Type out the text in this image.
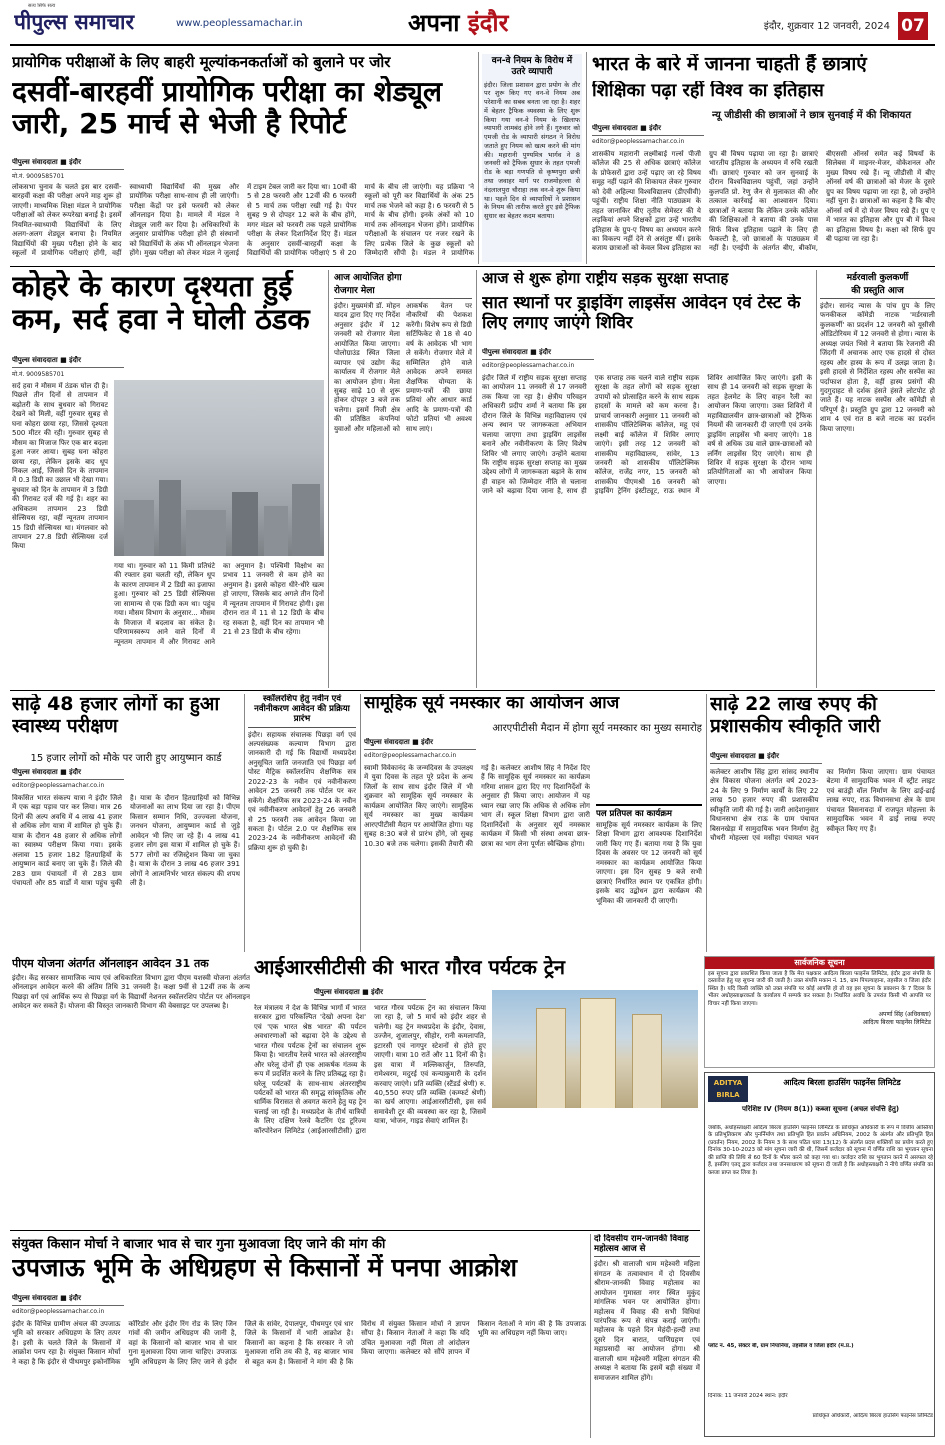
सत्य सिर्फ सत्य
पीपुल्स समाचार	www.peoplessamachar.in	अपना इंदौर	इंदौर, शुक्रवार 12 जनवरी, 2024 07
प्रायोगिक परीक्षाओं के लिए बाहरी मूल्यांकनकर्ताओं को बुलाने पर जोर
दसवीं-बारहवीं प्रायोगिक परीक्षा का शेड्यूल जारी, 25 मार्च से भेजी है रिपोर्ट
पीपुल्स संवाददाता ■ इंदौर
मो.नं. 9009585701
लोकसभा चुनाव के चलते इस बार दसवीं-बारहवीं कक्षा की परीक्षा अपने माह शुरू हो जाएगी। माध्यमिक शिक्षा मंडल ने प्रायोगिक परीक्षाओं को लेकर रूपरेखा बनाई है। इसमें नियमित-स्वाध्यायी विद्यार्थियों के लिए अलग-अलग शेड्यूल बनाया है। नियमित विद्यार्थियों की मुख्य परीक्षा होने के बाद स्कूलों में प्रायोगिक परीक्षाएं होंगी, वहीं स्वाध्यायी विद्यार्थियों की मुख्य और प्रायोगिक परीक्षा साथ-साथ ही ली जाएंगी। परीक्षा केंद्रों पर इसे फरवरी को लेकर ऑनलाइन दिया है। मामले में मंडल ने शेड्यूल जारी कर दिया है। अधिकारियों के अनुसार प्रायोगिक परीक्षा होने ही संस्थानों को विद्यार्थियों के अंक भी ऑनलाइन भेजना होंगे। मुख्य परीक्षा को लेकर मंडल ने जुलाई में टाइम टेबल जारी कर दिया था। 10वीं की 5 से 28 फरवरी और 12वीं की 6 फरवरी से 5 मार्च तक परीक्षा रखी गई है। पेपर सुबह 9 से दोपहर 12 बजे के बीच होंगे, मगर मंडल को फरवरी तक पहले प्रायोगिक परीक्षा के लेकर दिशानिर्देश दिए हैं। मंडल के अनुसार दसवीं-बारहवीं कक्षा के विद्यार्थियों की प्रायोगिक परीक्षाएं 5 से 20 मार्च के बीच ली जाएंगी। यह प्रक्रिया 'ने स्कूलों को पूरी कर विद्यार्थियों के अंक 25 मार्च तक भेजने को कहा है। 6 फरवरी से 5 मार्च के बीच होंगी। इनके अंकों को 10 मार्च तक ऑनलाइन भेजना होंगे। प्रायोगिक परीक्षाओं के संचालन पर नजर रखने के लिए प्रत्येक जिले के कुछ स्कूलों को जिम्मेदारी सौंपी है। मंडल ने प्रायोगिक
वन-वे नियम के विरोध में उतरे व्यापारी
इंदौर। जिला प्रशासन द्वारा प्रयोग के तौर पर शुरू किए गए वन-वे नियम अब परेशानी का सबब बनता जा रहा है। शहर में बेहतर ट्रैफिक व्यवस्था के लिए शुरू किया गया वन-वे नियम के खिलाफ व्यापारी लामबंद होने लगे हैं। गुरुवार को एमजी रोड के व्यापारी संगठन ने विरोध जताते हुए नियम को खत्म करने की मांग की। महारानी पुण्यमित्र भार्गव ने 8 जनवरी को ट्रैफिक सुधार के तहत एमजी रोड के बड़ा गणपति से कृष्णपुरा छत्री तथा जवाहर मार्ग पर राजमोहल्ला से नंदलालपुरा चौराहा तक वन-वे शुरू किया था। पहले दिन से व्यापारियों ने प्रशासन के नियम की तारीफ करते हुए इसे ट्रैफिक सुधार का बेहतर कदम बताया।
भारत के बारे में जानना चाहती हैं छात्राएं
शिक्षिका पढ़ा रहीं विश्व का इतिहास
न्यू जीडीसी की छात्राओं ने छात्र सुनवाई में की शिकायत
पीपुल्स संवाददाता ■ इंदौर
editor@peoplessamachar.co.in
शासकीय महारानी लक्ष्मीबाई गर्ल्स पीजी कॉलेज की 25 से अधिक छात्राएं कॉलेज के प्रोफेसरों द्वारा उन्हें पढ़ाए जा रहे विषय समूह नहीं पढ़ाने की शिकायत लेकर गुरुवार को देवी अहिल्या विश्वविद्यालय (डीएवीवी) पहुंचीं। राष्ट्रीय शिक्षा नीति पाठ्यक्रम के तहत जानाकिर बीए तृतीय सेमेस्टर की ये लड़कियां अपने शिक्षकों द्वारा उन्हें भारतीय इतिहास के ग्रुप-ए विषय का अध्ययन करने का विकल्प नहीं देने से असंतुष्ट थीं। इसके बजाय छात्राओं को केवल विश्व इतिहास का ग्रुप बी विषय पढ़ाया जा रहा है। छात्राएं भारतीय इतिहास के अध्ययन में रुचि रखती थीं। छात्राएं गुरुवार को जन सुनवाई के दौरान विश्वविद्यालय पहुंचीं, जहां उन्होंने कुलपति प्रो. रेणु जैन से मुलाकात की और तत्काल कार्रवाई का आश्वासन दिया। छात्राओं ने बताया कि लेकिन उनके कॉलेज की शिक्षिकाओं ने बताया की उनके पास सिर्फ विश्व इतिहास पढ़ाने के लिए ही फैकल्टी है, जो छात्राओं के पाठ्यक्रम में नहीं है। एनईपी के अंतर्गत बीए, बीकॉम, बीएससी ऑनर्स समेत कई विषयों के सिलेबस में माइनर-मेजर, वोकेशनल और मुख्य विषय रखे हैं। न्यू जीडीसी में बीए ऑनर्स वर्ष की छात्राओं को मेजर के दूसरे ग्रुप का विषय पढ़ाया जा रहा है, जो उन्होंने नहीं चुना है। छात्राओं का कहना है कि बीए ऑनर्स वर्ष में दो मेजर विषय रखे हैं। ग्रुप ए में भारत का इतिहास और ग्रुप बी में विश्व का इतिहास विषय है। कक्षा को सिर्फ ग्रुप बी पढ़ाया जा रहा है।
कोहरे के कारण दृश्यता हुई कम, सर्द हवा ने घोली ठंडक
पीपुल्स संवाददाता ■ इंदौर
मो.नं. 9009585701
सर्द हवा ने मौसम में ठंडक घोल दी है। पिछले तीन दिनों से तापमान में बढ़ोतरी के साथ बुधवार को गिरावट देखने को मिली, वहीं गुरुवार सुबह से घना कोहरा छाया रहा, जिससे दृश्यता 500 मीटर की रही। गुरुवार सुबह से मौसम का मिजाज फिर एक बार बदला हुआ नजर आया। सुबह घना कोहरा छाया रहा, लेकिन इसके बाद धूप निकल आई, जिससे दिन के तापमान में 0.3 डिग्री का उछाल भी देखा गया। बुधवार को दिन के तापमान में 3 डिग्री की गिरावट दर्ज की गई है। शहर का अधिकतम तापमान 23 डिग्री सेल्सियस रहा, वहीं न्यूनतम तापमान 15 डिग्री सेल्सियस था। मंगलवार को तापमान 27.8 डिग्री सेल्सियस दर्ज किया
गया था। गुरुवार को 11 किमी प्रतिघंटे की रफ्तार हवा चलती रही, लेकिन धूप के कारण तापमान में 2 डिग्री का इजाफा हुआ। गुरुवार को 25 डिग्री सेल्सियस जा सामान्य से एक डिग्री कम था। पहुंच गया। मौसम विभाग के अनुसार... मौसम के मिजाज में बदलाव का संकेत है। परिणामस्वरूप आने वाले दिनों में न्यूनतम तापमान में और गिरावट आने का अनुमान है। पश्चिमी विक्षोभ का प्रभाव 11 जनवरी से कम होने का अनुमान है। इससे कोहरा धीरे-धीरे खत्म हो जाएगा, जिसके बाद अगले तीन दिनों में न्यूनतम तापमान में गिरावट होगी। इस दौरान रात में 11 से 12 डिग्री के बीच रह सकता है, वहीं दिन का तापमान भी 21 से 23 डिग्री के बीच रहेगा।
आज आयोजित होगा
रोजगार मेला
इंदौर। मुख्यमंत्री डॉ. मोहन यादव द्वारा दिए गए निर्देश अनुसार इंदौर में 12 जनवरी को रोजगार मेला आयोजित किया जाएगा। पोलोग्राउंड स्थित जिला व्यापार एवं उद्योग केंद्र कार्यालय में रोजगार मेले का आयोजन होगा। मेला सुबह साढ़े 10 से शुरू होकर दोपहर 3 बजे तक चलेगा। इसमें निजी क्षेत्र की प्रतिष्ठित कंपनियां युवाओं और महिलाओं को आकर्षक वेतन पर नौकरियों की पेशकश करेंगी। विशेष रूप से डिग्री सर्टिफिकेट से 18 से 40 वर्ष के आवेदक भी भाग ले सकेंगे। रोजगार मेले में सम्मिलित होने वाले आवेदक अपने समस्त शैक्षणिक योग्यता के प्रमाण-पत्रों की छाया प्रतियां और आधार कार्ड आदि के प्रमाण-पत्रों की फोटो प्रतियां भी अवश्य साथ लाएं।
आज से शुरू होगा राष्ट्रीय सड़क सुरक्षा सप्ताह
सात स्थानों पर ड्राइविंग लाइसेंस आवेदन एवं टेस्ट के लिए लगाए जाएंगे शिविर
पीपुल्स संवाददाता ■ इंदौर
editor@peoplessamachar.co.in
इंदौर जिले में राष्ट्रीय सड़क सुरक्षा सप्ताह का आयोजन 11 जनवरी से 17 जनवरी तक किया जा रहा है। क्षेत्रीय परिवहन अधिकारी प्रदीप शर्मा ने बताया कि इस दौरान जिले के विभिन्न महाविद्यालय एवं अन्य स्थान पर जागरूकता अभियान चलाया जाएगा तथा ड्राइविंग लाइसेंस बनाने और नवीनीकरण के लिए विशेष शिविर भी लगाए जाएंगे। उन्होंने बताया कि राष्ट्रीय सड़क सुरक्षा सप्ताह का मुख्य उद्देश्य लोगों में जागरूकता बढ़ाने के साथ ही वाहन को जिम्मेदार नीति से चलाना जाने को बढ़ावा दिया जाना है, साथ ही एक सप्ताह तक चलने वाले राष्ट्रीय सड़क सुरक्षा के तहत लोगों को सड़क सुरक्षा उपायों को प्रोत्साहित करने के साथ सड़क हादसों के मामले को कम करना है। प्राचार्य जानकारी अनुसार 11 जनवरी को शासकीय पॉलिटेक्निक कॉलेज, महू एवं लक्ष्मी बाई कॉलेज में शिविर लगाए जाएंगे। इसी तरह 12 जनवरी को शासकीय महाविद्यालय, सांवेर, 13 जनवरी को शासकीय पॉलिटेक्निक कॉलेज, राजेंद्र नगर, 15 जनवरी को शासकीय पीएमश्री 16 जनवरी को ड्राइविंग ट्रेनिंग इंस्टीट्यूट, राऊ स्थान में शिविर आयोजित किए जाएंगे। इसी के साथ ही 14 जनवरी को सड़क सुरक्षा के तहत हेलमेट के लिए वाहन रैली का आयोजन किया जाएगा। उक्त शिविरों में महाविद्यालयीन छात्र-छात्राओं को ट्रैफिक नियमों की जानकारी दी जाएगी एवं उनके ड्राइविंग लाइसेंस भी बनाए जाएंगे। 18 वर्ष से अधिक उम्र वाले छात्र-छात्राओं को लर्निंग लाइसेंस दिए जाएंगे। साथ ही शिविर में सड़क सुरक्षा के दौरान भाग्य प्रतियोगिताओं का भी आयोजन किया जाएगा।
मर्डरवाली कुलकर्णी
की प्रस्तुति आज
इंदौर। सानंद न्यास के पांच ग्रुप के लिए फनकीकल कॉमेडी नाटक 'मर्डरवाली कुलकर्णी' का प्रदर्शन 12 जनवरी को यूसीसी ऑडिटोरियम में 12 जनवरी से होगा। न्यास के अध्यक्ष जयंत भिसे ने बताया कि रेजनारी की जिंदगी में अचानक आए एक हादसे से दोस्त रहस्य और हास्य के रूप में उलझ जाता है। इसी हादसे से निर्देशित रहस्य और सस्पेंस का पर्दाफाश होता है, वहीं हास्य प्रसंगों की गुदगुदाहट से दर्शक हंसते हंसते लोटपोट हो जाते हैं। यह नाटक सस्पेंस और कॉमेडी से परिपूर्ण है। प्रस्तुति ग्रुप द्वारा 12 जनवरी को शाम 4 एवं रात 8 बजे नाटक का प्रदर्शन किया जाएगा।
साढ़े 48 हजार लोगों का हुआ स्वास्थ्य परीक्षण
15 हजार लोगों को मौके पर जारी हुए आयुष्मान कार्ड
पीपुल्स संवाददाता ■ इंदौर
editor@peoplessamachar.co.in
विकसित भारत संकल्प यात्रा ने इंदौर जिले में एक बड़ा पड़ाव पार कर लिया। मात्र 26 दिनों की अल्प अवधि में 4 लाख 41 हजार से अधिक लोग यात्रा में शामिल हो चुके हैं। यात्रा के दौरान 48 हजार से अधिक लोगों का स्वास्थ्य परीक्षण किया गया। इसके अलावा 15 हजार 182 हितग्राहियों के आयुष्मान कार्ड बनाए जा चुके हैं। जिले की 283 ग्राम पंचायतों में से 283 ग्राम पंचायतों और 85 वार्डों में यात्रा पहुंच चुकी है। यात्रा के दौरान हितग्राहियों को विभिन्न योजनाओं का लाभ दिया जा रहा है। पीएम किसान सम्मान निधि, उज्ज्वला योजना, जनधन योजना, आयुष्मान कार्ड से जुड़े आवेदन भी लिए जा रहे हैं। 4 लाख 41 हजार लोग इस यात्रा में शामिल हो चुके हैं। 577 लोगों का रजिस्ट्रेशन किया जा चुका है। यात्रा के दौरान 3 लाख 46 हजार 391 लोगों ने आत्मनिर्भर भारत संकल्प की शपथ ली है।
स्कॉलरशिप हेतु नवीन एवं नवीनीकरण आवेदन की प्रक्रिया प्रारंभ
इंदौर। सहायक संचालक पिछड़ा वर्ग एवं अल्पसंख्यक कल्याण विभाग द्वारा जानकारी दी गई कि विद्यार्थी मध्यप्रदेश अनुसूचित जाति जनजाति एवं पिछड़ा वर्ग पोस्ट मैट्रिक स्कॉलरशिप शैक्षणिक सत्र 2022-23 के नवीन एवं नवीनीकरण आवेदन 25 जनवरी तक पोर्टल पर कर सकेंगे। शैक्षणिक सत्र 2023-24 के नवीन एवं नवीनीकरण आवेदनों हेतु 26 जनवरी से 25 फरवरी तक आवेदन किया जा सकता है। पोर्टल 2.0 पर शैक्षणिक सत्र 2023-24 के नवीनीकरण आवेदनों की प्रक्रिया शुरू हो चुकी है।
सामूहिक सूर्य नमस्कार का आयोजन आज
आरएपीटीसी मैदान में होगा सूर्य नमस्कार का मुख्य समारोह
पीपुल्स संवाददाता ■ इंदौर
editor@peoplessamachar.co.in
स्वामी विवेकानंद के जन्मदिवस के उपलक्ष्य में युवा दिवस के तहत पूरे प्रदेश के अन्य जिलों के साथ साथ इंदौर जिले में भी शुक्रवार को सामूहिक सूर्य नमस्कार के कार्यक्रम आयोजित किए जाएंगे। सामूहिक सूर्य नमस्कार का मुख्य कार्यक्रम आरएपीटीसी मैदान पर आयोजित होगा। यह सुबह 8:30 बजे से प्रारंभ होंगे, जो सुबह 10.30 बजे तक चलेगा। इसकी तैयारी की गई है। कलेक्टर आशीष सिंह ने निर्देश दिए हैं कि सामूहिक सूर्य नमस्कार का कार्यक्रम गरिमा शासन द्वारा दिए गए दिशानिर्देशों के अनुसार ही किया जाए। आयोजन में यह ध्यान रखा जाए कि अधिक से अधिक लोग भाग लें। स्कूल शिक्षा विभाग द्वारा जारी दिशानिर्देशों के अनुसार सूर्य नमस्कार कार्यक्रम में किसी भी संस्था अथवा छात्र-छात्रा का भाग लेना पूर्णतः स्वैच्छिक होगा।
पल प्रतिपल का कार्यक्रम
सामूहिक सूर्य नमस्कार कार्यक्रम के लिए शिक्षा विभाग द्वारा आवश्यक दिशानिर्देश जारी किए गए हैं। बताया गया है कि युवा दिवस के अवसर पर 12 जनवरी को सूर्य नमस्कार का कार्यक्रम आयोजित किया जाएगा। इस दिन सुबह 9 बजे सभी छात्राएं निर्धारित स्थान पर एकत्रित होंगी। इसके बाद उद्बोधन द्वारा कार्यक्रम की भूमिका की जानकारी दी जाएगी।
साढ़े 22 लाख रुपए की प्रशासकीय स्वीकृति जारी
पीपुल्स संवाददाता ■ इंदौर
कलेक्टर आशीष सिंह द्वारा सांसद स्थानीय क्षेत्र विकास योजना अंतर्गत वर्ष 2023-24 के लिए 9 निर्माण कार्यों के लिए 22 लाख 50 हजार रुपए की प्रशासकीय स्वीकृति जारी की गई है। जारी आदेशानुसार विधानसभा क्षेत्र राऊ के ग्राम पंचायत बिसनखेड़ा में सामुदायिक भवन निर्माण हेतु चौथरी मोहल्ला एवं मसीहा पंचायत भवन का निर्माण किया जाएगा। ग्राम पंचायत बेटमा में सामुदायिक भवन में स्ट्रीट लाइट एवं बाउंड्री वॉल निर्माण के लिए ढाई-ढाई लाख रुपए, राऊ विधानसभा क्षेत्र के ग्राम पंचायत बिसनावदा में राजपूत मोहल्ला के सामुदायिक भवन में ढाई लाख रुपए स्वीकृत किए गए हैं।
पीएम योजना अंतर्गत ऑनलाइन आवेदन 31 तक
इंदौर। केंद्र सरकार सामाजिक न्याय एवं अधिकारिता विभाग द्वारा पीएम यशस्वी योजना अंतर्गत ऑनलाइन आवेदन करने की अंतिम तिथि 31 जनवरी है। कक्षा 9वीं से 12वीं तक के अन्य पिछड़ा वर्ग एवं आर्थिक रूप से पिछड़ा वर्ग के विद्यार्थी नेशनल स्कॉलरशिप पोर्टल पर ऑनलाइन आवेदन कर सकते हैं। योजना की विस्तृत जानकारी विभाग की वेबसाइट पर उपलब्ध है।
आईआरसीटीसी की भारत गौरव पर्यटक ट्रेन
पीपुल्स संवाददाता ■ इंदौर
रेल मंत्रालय ने देश के विभिन्न भागों में भारत सरकार द्वारा परिकल्पित 'देखो अपना देश' एवं 'एक भारत श्रेष्ठ भारत' की पर्यटन अवधारणाओं को बढ़ावा देने के उद्देश्य से भारत गौरव पर्यटक ट्रेनों का संचालन शुरू किया है। भारतीय रेलवे भारत को अंतरराष्ट्रीय और घरेलू दोनों ही एक आकर्षक गंतव्य के रूप में प्रदर्शित करने के लिए प्रतिबद्ध रहा है। घरेलू पर्यटकों के साथ-साथ अंतरराष्ट्रीय पर्यटकों को भारत की समृद्ध सांस्कृतिक और धार्मिक विरासत से अवगत कराने हेतु यह ट्रेन चलाई जा रही है। मध्यप्रदेश के तीर्थ यात्रियों के लिए दक्षिण रेलवे कैटरिंग एंड टूरिज्म कॉरपोरेशन लिमिटेड (आईआरसीटीसी) द्वारा भारत गौरव पर्यटक ट्रेन का संचालन किया जा रहा है, जो 5 मार्च को इंदौर शहर से चलेगी। यह ट्रेन मध्यप्रदेश के इंदौर, देवास, उज्जैन, शुजालपुर, सीहोर, रानी कमलापति, इटारसी एवं नागपुर स्टेशनों से होते हुए जाएगी। यात्रा 10 रातें और 11 दिनों की है। इस यात्रा में मल्लिकार्जुन, तिरुपति, रामेश्वरम, मदुरई एवं कन्याकुमारी के दर्शन करवाए जाएंगे। प्रति व्यक्ति (स्टैंडर्ड श्रेणी) रु. 40,550 रुपए प्रति व्यक्ति (कम्फर्ट श्रेणी) का खर्च आएगा। आईआरसीटीसी, इस सर्व समावेशी टूर की व्यवस्था कर रहा है, जिसमें यात्रा, भोजन, गाइड सेवाएं शामिल हैं।
सार्वजनिक सूचना
इस सूचना द्वारा प्रकाशित किया जाता है कि मेरा पक्षकार आदित्य बिरला फाइनेंस लिमिटेड, इंदौर द्वारा संपत्ति के दस्तावेज हेतु यह सूचना जारी की जाती है। उक्त संपत्ति मकान नं. 15, ग्राम पिपल्याहाना, तहसील व जिला इंदौर स्थित है। यदि किसी व्यक्ति को उक्त संपत्ति पर कोई आपत्ति हो तो वह इस सूचना के प्रकाशन के 7 दिवस के भीतर अधोहस्ताक्षरकर्ता के कार्यालय में सम्पर्क कर सकता है। निर्धारित अवधि के उपरांत किसी भी आपत्ति पर विचार नहीं किया जाएगा।
अपर्णा सिंह (अधिवक्ता)
आदित्य बिरला फाइनेंस लिमिटेड
ADITYA BIRLA
आदित्य बिरला हाउसिंग फाइनेंस लिमिटेड
परिशिष्ट IV (नियम 8(1)) कब्जा सूचना (अचल संपत्ति हेतु)
जबकि, अधोहस्ताक्षरी आदित्य बिरला हाउसिंग फाइनेंस लिमिटेड के प्राधिकृत अधिकारी के रूप में वित्तीय आस्तियों के प्रतिभूतिकरण और पुनर्निर्माण तथा प्रतिभूति हित प्रवर्तन अधिनियम, 2002 के अंतर्गत और प्रतिभूति हित (प्रवर्तन) नियम, 2002 के नियम 3 के साथ पठित धारा 13(12) के अंतर्गत प्रदत्त शक्तियों का प्रयोग करते हुए दिनांक 30-10-2023 को मांग सूचना जारी की थी, जिसमें कर्जदार को सूचना में वर्णित राशि का भुगतान सूचना की प्राप्ति की तिथि से 60 दिनों के भीतर करने को कहा गया था। कर्जदार राशि का भुगतान करने में असफल रहे हैं, इसलिए एतद् द्वारा कर्जदार तथा जनसाधारण को सूचना दी जाती है कि अधोहस्ताक्षरी ने नीचे वर्णित संपत्ति का कब्जा प्राप्त कर लिया है।
प्लॉट नं. 45, सेक्टर बी, ग्राम निपानिया, तहसील व जिला इंदौर (म.प्र.)
दिनांक: 11 जनवरी 2024 स्थान: इंदौर
प्राधिकृत अधिकारी, आदित्य बिरला हाउसिंग फाइनेंस लिमिटेड
संयुक्त किसान मोर्चा ने बाजार भाव से चार गुना मुआवजा दिए जाने की मांग की
उपजाऊ भूमि के अधिग्रहण से किसानों में पनपा आक्रोश
पीपुल्स संवाददाता ■ इंदौर
editor@peoplessamachar.co.in
इंदौर के विभिन्न ग्रामीण अंचल की उपजाऊ भूमि को सरकार अधिग्रहण के लिए तत्पर है। इसी के चलते जिले के किसानों में आक्रोश पनप रहा है। संयुक्त किसान मोर्चा ने कहा है कि इंदौर से पीथमपुर इकोनॉमिक कॉरिडोर और इंदौर रिंग रोड के लिए जिन गांवों की जमीन अधिग्रहण की जानी है, वहां के किसानों को बाजार भाव से चार गुना मुआवजा दिया जाना चाहिए। उपजाऊ भूमि अधिग्रहण के लिए लिए जाने से इंदौर जिले के सांवेर, देपालपुर, पीथमपुर एवं धार जिले के किसानों में भारी आक्रोश है। किसानों का कहना है कि सरकार ने जो मुआवजा राशि तय की है, वह बाजार भाव से बहुत कम है। किसानों ने मांग की है कि विरोध में संयुक्त किसान मोर्चा ने ज्ञापन सौंपा है। किसान नेताओं ने कहा कि यदि उचित मुआवजा नहीं मिला तो आंदोलन किया जाएगा। कलेक्टर को सौंपे ज्ञापन में किसान नेताओं ने मांग की है कि उपजाऊ भूमि का अधिग्रहण नहीं किया जाए।
दो दिवसीय राम-जानकी विवाह महोत्सव आज से
इंदौर। श्री वालाजी धाम महेश्वरी महिला संगठन के तत्वावधान में दो दिवसीय श्रीराम-जानकी विवाह महोत्सव का आयोजन गुमास्ता नगर स्थित मुकुंद मांगलिक भवन पर आयोजित होगा। महोत्सव में विवाह की सभी विधियां पारंपरिक रूप से संपन्न कराई जाएंगी। महोत्सव के पहले दिन मेहंदी-हल्दी तथा दूसरे दिन बारात, पाणिग्रहण एवं महाप्रसादी का आयोजन होगा। श्री वालाजी धाम महेश्वरी महिला संगठन की अध्यक्ष ने बताया कि इसमें बड़ी संख्या में समाजजन शामिल होंगे।
